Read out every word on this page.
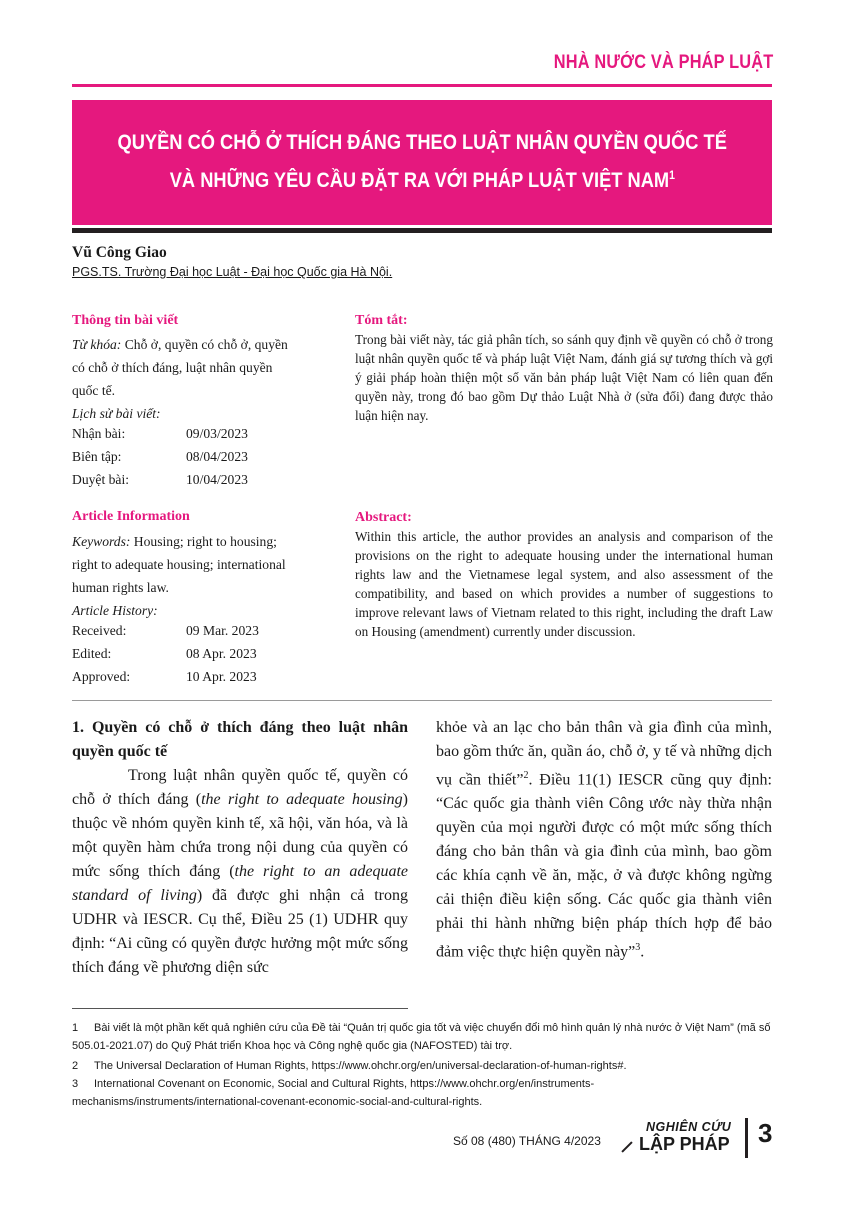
NHÀ NƯỚC VÀ PHÁP LUẬT
QUYỀN CÓ CHỖ Ở THÍCH ĐÁNG THEO LUẬT NHÂN QUYỀN QUỐC TẾ
VÀ NHỮNG YÊU CẦU ĐẶT RA VỚI PHÁP LUẬT VIỆT NAM$^1$
Vũ Công Giao
PGS.TS. Trường Đại học Luật - Đại học Quốc gia Hà Nội.
Thông tin bài viết
Từ khóa: Chỗ ở, quyền có chỗ ở, quyền
có chỗ ở thích đáng, luật nhân quyền
quốc tế.
Lịch sử bài viết:
Nhận bài:	09/03/2023
Biên tập:	08/04/2023
Duyệt bài:	10/04/2023
Tóm tắt:
Trong bài viết này, tác giả phân tích, so sánh quy định về quyền có chỗ ở trong luật nhân quyền quốc tế và pháp luật Việt Nam, đánh giá sự tương thích và gợi ý giải pháp hoàn thiện một số văn bản pháp luật Việt Nam có liên quan đến quyền này, trong đó bao gồm Dự thảo Luật Nhà ở (sửa đổi) đang được thảo luận hiện nay.
Article Information
Keywords: Housing; right to housing;
right to adequate housing; international
human rights law.
Article History:
Received:	09 Mar. 2023
Edited:	08 Apr. 2023
Approved:	10 Apr. 2023
Abstract:
Within this article, the author provides an analysis and comparison of the provisions on the right to adequate housing under the international human rights law and the Vietnamese legal system, and also assessment of the compatibility, and based on which provides a number of suggestions to improve relevant laws of Vietnam related to this right, including the draft Law on Housing (amendment) currently under discussion.
1. Quyền có chỗ ở thích đáng theo luật nhân quyền quốc tế

Trong luật nhân quyền quốc tế, quyền có chỗ ở thích đáng (the right to adequate housing) thuộc về nhóm quyền kinh tế, xã hội, văn hóa, và là một quyền hàm chứa trong nội dung của quyền có mức sống thích đáng (the right to an adequate standard of living) đã được ghi nhận cả trong UDHR và IESCR. Cụ thể, Điều 25 (1) UDHR quy định: “Ai cũng có quyền được hưởng một mức sống thích đáng về phương diện sức

khỏe và an lạc cho bản thân và gia đình của mình, bao gồm thức ăn, quần áo, chỗ ở, y tế và những dịch vụ cần thiết”$^2$. Điều 11(1) IESCR cũng quy định: “Các quốc gia thành viên Công ước này thừa nhận quyền của mọi người được có một mức sống thích đáng cho bản thân và gia đình của mình, bao gồm các khía cạnh về ăn, mặc, ở và được không ngừng cải thiện điều kiện sống. Các quốc gia thành viên phải thi hành những biện pháp thích hợp để bảo đảm việc thực hiện quyền này”$^3$.

1 Bài viết là một phần kết quả nghiên cứu của Đề tài “Quản trị quốc gia tốt và việc chuyển đổi mô hình quản lý nhà nước ở Việt Nam” (mã số 505.01-2021.07) do Quỹ Phát triển Khoa học và Công nghệ quốc gia (NAFOSTED) tài trợ.
2 The Universal Declaration of Human Rights, https://www.ohchr.org/en/universal-declaration-of-human-rights#.
3 International Covenant on Economic, Social and Cultural Rights, https://www.ohchr.org/en/instruments-mechanisms/instruments/international-covenant-economic-social-and-cultural-rights.
Số 08 (480) THÁNG 4/2023
NGHIÊN CỨU
LẬP PHÁP 3
